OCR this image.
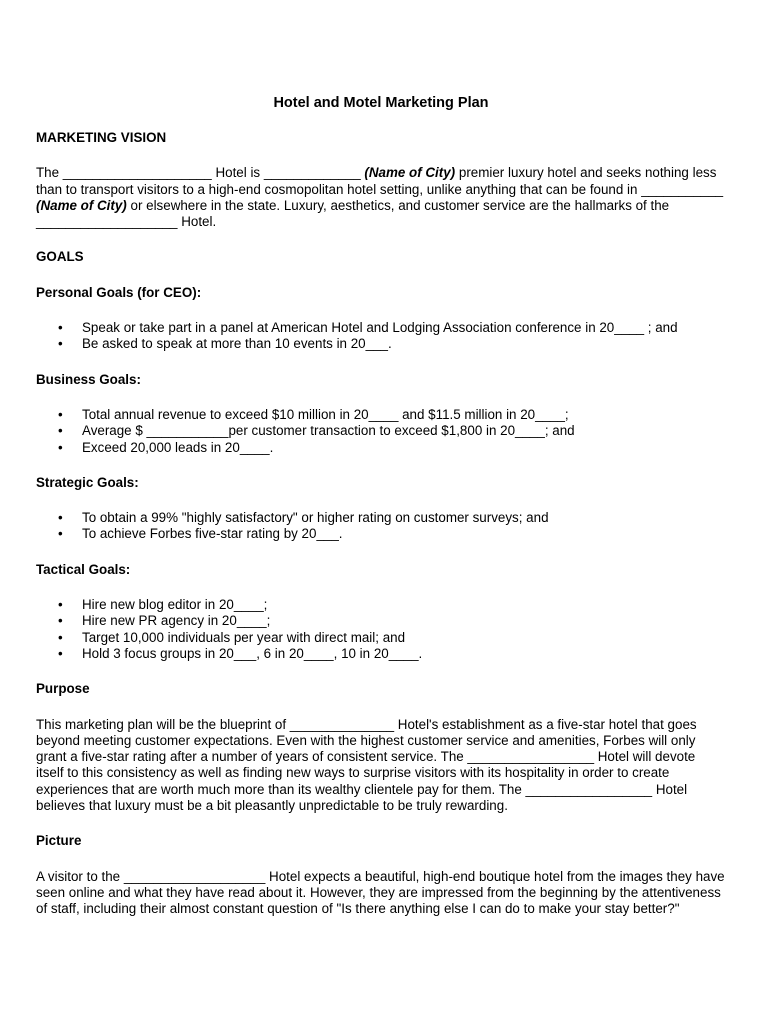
Hotel and Motel Marketing Plan

MARKETING VISION

The ____________________ Hotel is _____________ (Name of City) premier luxury hotel and seeks nothing less than to transport visitors to a high-end cosmopolitan hotel setting, unlike anything that can be found in ___________ (Name of City) or elsewhere in the state. Luxury, aesthetics, and customer service are the hallmarks of the ___________________ Hotel.

GOALS

Personal Goals (for CEO):

• Speak or take part in a panel at American Hotel and Lodging Association conference in 20____ ; and
• Be asked to speak at more than 10 events in 20___.

Business Goals:

• Total annual revenue to exceed $10 million in 20____ and $11.5 million in 20____;
• Average $ ___________per customer transaction to exceed $1,800 in 20____; and
• Exceed 20,000 leads in 20____.

Strategic Goals:

• To obtain a 99% "highly satisfactory" or higher rating on customer surveys; and
• To achieve Forbes five-star rating by 20___.

Tactical Goals:

• Hire new blog editor in 20____;
• Hire new PR agency in 20____;
• Target 10,000 individuals per year with direct mail; and
• Hold 3 focus groups in 20___, 6 in 20____, 10 in 20____.

Purpose

This marketing plan will be the blueprint of ______________ Hotel's establishment as a five-star hotel that goes beyond meeting customer expectations. Even with the highest customer service and amenities, Forbes will only grant a five-star rating after a number of years of consistent service. The _________________ Hotel will devote itself to this consistency as well as finding new ways to surprise visitors with its hospitality in order to create experiences that are worth much more than its wealthy clientele pay for them. The _________________ Hotel believes that luxury must be a bit pleasantly unpredictable to be truly rewarding.

Picture

A visitor to the ___________________ Hotel expects a beautiful, high-end boutique hotel from the images they have seen online and what they have read about it. However, they are impressed from the beginning by the attentiveness of staff, including their almost constant question of "Is there anything else I can do to make your stay better?"
